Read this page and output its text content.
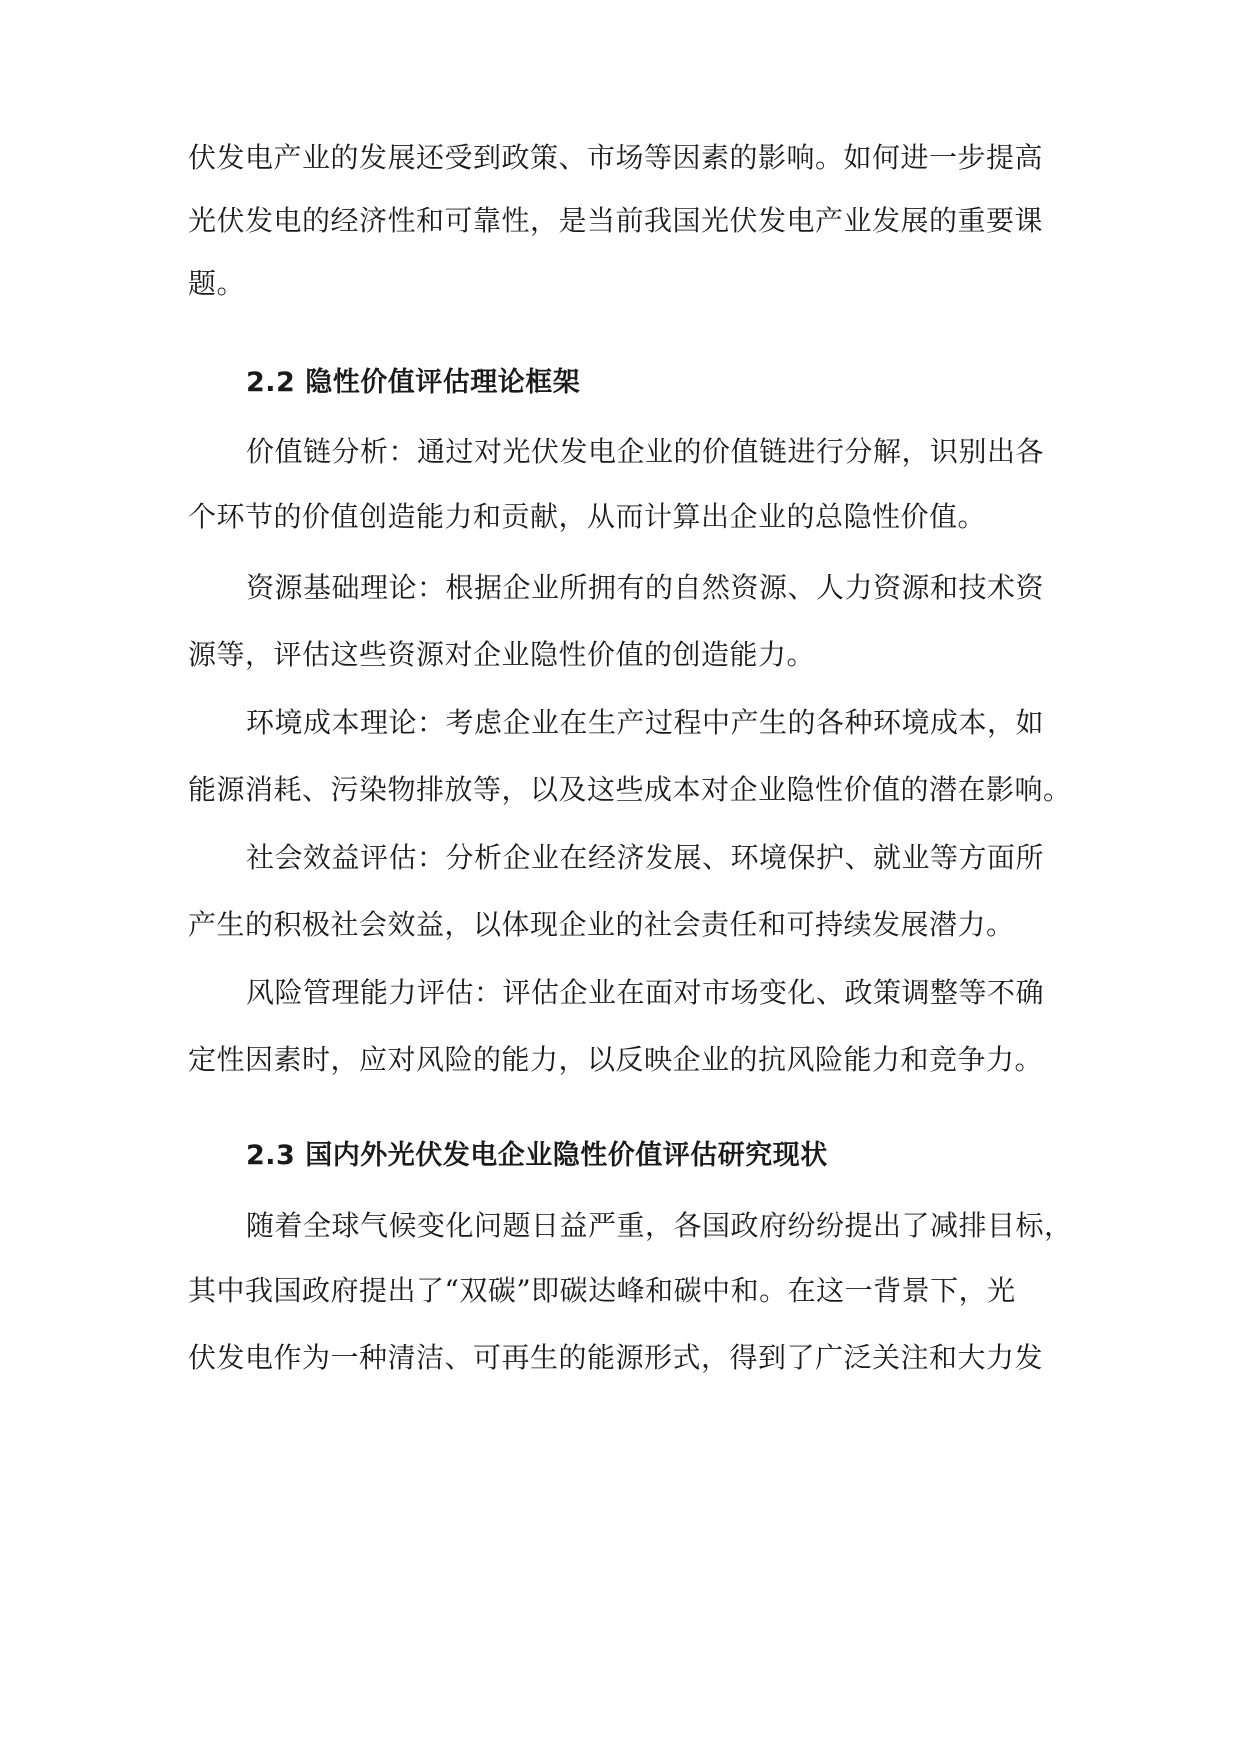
伏发电产业的发展还受到政策、市场等因素的影响。如何进一步提高
光伏发电的经济性和可靠性，是当前我国光伏发电产业发展的重要课
题。
2.2 隐性价值评估理论框架
价值链分析：通过对光伏发电企业的价值链进行分解，识别出各
个环节的价值创造能力和贡献，从而计算出企业的总隐性价值。
资源基础理论：根据企业所拥有的自然资源、人力资源和技术资
源等，评估这些资源对企业隐性价值的创造能力。
环境成本理论：考虑企业在生产过程中产生的各种环境成本，如
能源消耗、污染物排放等，以及这些成本对企业隐性价值的潜在影响。
社会效益评估：分析企业在经济发展、环境保护、就业等方面所
产生的积极社会效益，以体现企业的社会责任和可持续发展潜力。
风险管理能力评估：评估企业在面对市场变化、政策调整等不确
定性因素时，应对风险的能力，以反映企业的抗风险能力和竞争力。
2.3 国内外光伏发电企业隐性价值评估研究现状
随着全球气候变化问题日益严重，各国政府纷纷提出了减排目标，
其中我国政府提出了“双碳”即碳达峰和碳中和。在这一背景下，光
伏发电作为一种清洁、可再生的能源形式，得到了广泛关注和大力发
